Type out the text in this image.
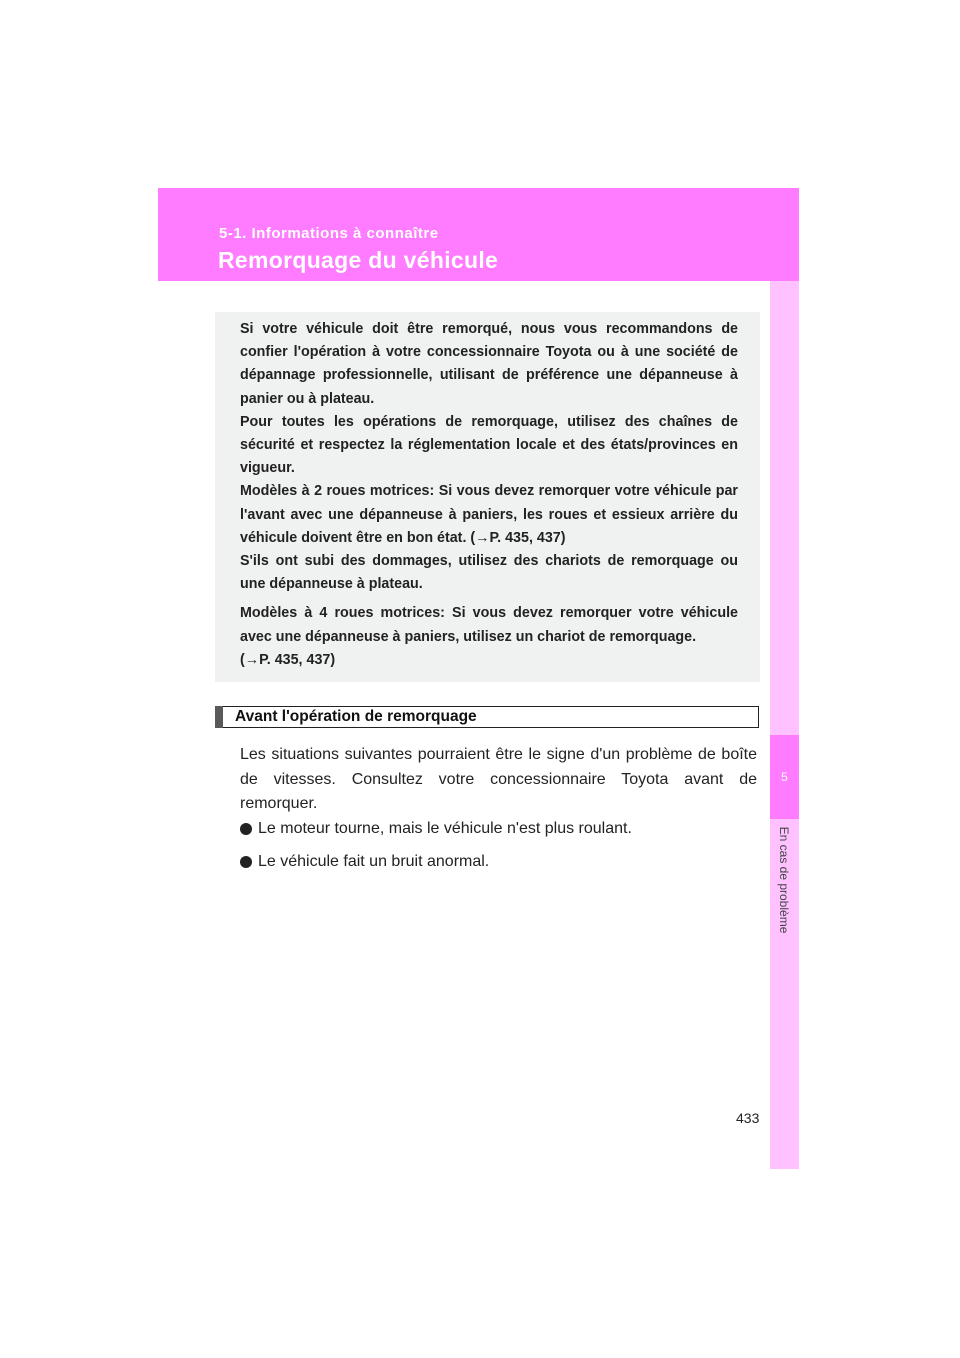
5-1. Informations à connaître
Remorquage du véhicule
5
En cas de problème

Si votre véhicule doit être remorqué, nous vous recommandons de confier l'opération à votre concessionnaire Toyota ou à une société de dépannage professionnelle, utilisant de préférence une dépanneuse à panier ou à plateau.

Pour toutes les opérations de remorquage, utilisez des chaînes de sécurité et respectez la réglementation locale et des états/provinces en vigueur.

Modèles à 2 roues motrices: Si vous devez remorquer votre véhicule par l'avant avec une dépanneuse à paniers, les roues et essieux arrière du véhicule doivent être en bon état. (→P. 435, 437)

S'ils ont subi des dommages, utilisez des chariots de remorquage ou une dépanneuse à plateau.

Modèles à 4 roues motrices: Si vous devez remorquer votre véhicule avec une dépanneuse à paniers, utilisez un chariot de remorquage.
(→P. 435, 437)

Avant l'opération de remorquage

Les situations suivantes pourraient être le signe d'un problème de boîte de vitesses. Consultez votre concessionnaire Toyota avant de remorquer.

Le moteur tourne, mais le véhicule n'est plus roulant.
Le véhicule fait un bruit anormal.
433
